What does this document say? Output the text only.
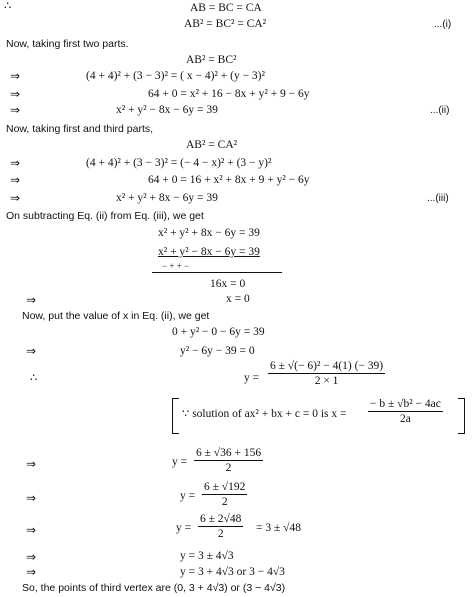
∴	AB = BC = CA
AB² = BC² = CA²	...(i)
Now, taking first two parts.
AB² = BC²
⇒	(4 + 4)² + (3 − 3)² = ( x − 4)² + (y − 3)²
⇒	64 + 0 = x² + 16 − 8x + y² + 9 − 6y
⇒	x² + y² − 8x − 6y = 39	...(ii)
Now, taking first and third parts,
AB² = CA²
⇒	(4 + 4)² + (3 − 3)² = (− 4 − x)² + (3 − y)²
⇒	64 + 0 = 16 + x² + 8x + 9 + y² − 6y
⇒	x² + y² + 8x − 6y = 39	...(iii)
On subtracting Eq. (ii) from Eq. (iii), we get
x² + y² + 8x − 6y = 39
x² + y² − 8x − 6y = 39
− + + −
16x = 0
⇒	x = 0
Now, put the value of x in Eq. (ii), we get
0 + y² − 0 − 6y = 39
⇒	y² − 6y − 39 = 0
∴	$y = \frac{\text{6 ± √(− 6)² − 4(1) (− 39)}}{2 \times 1}$
∵ solution of ax² + bx + c = 0 is $x = \frac{\text{− b ± √b² − 4ac}}{2a}$
⇒	$y = \frac{6 \pm √36 + 156}{2}$
⇒	$y = \frac{6 \pm √192}{2}$
⇒	$y = \frac{6 \pm 2√48}{2} = 3 \pm √48$
⇒	y = 3 ± 4√3
⇒	y = 3 + 4√3 or 3 − 4√3
So, the points of third vertex are (0, 3 + 4√3) or (3 − 4√3)
